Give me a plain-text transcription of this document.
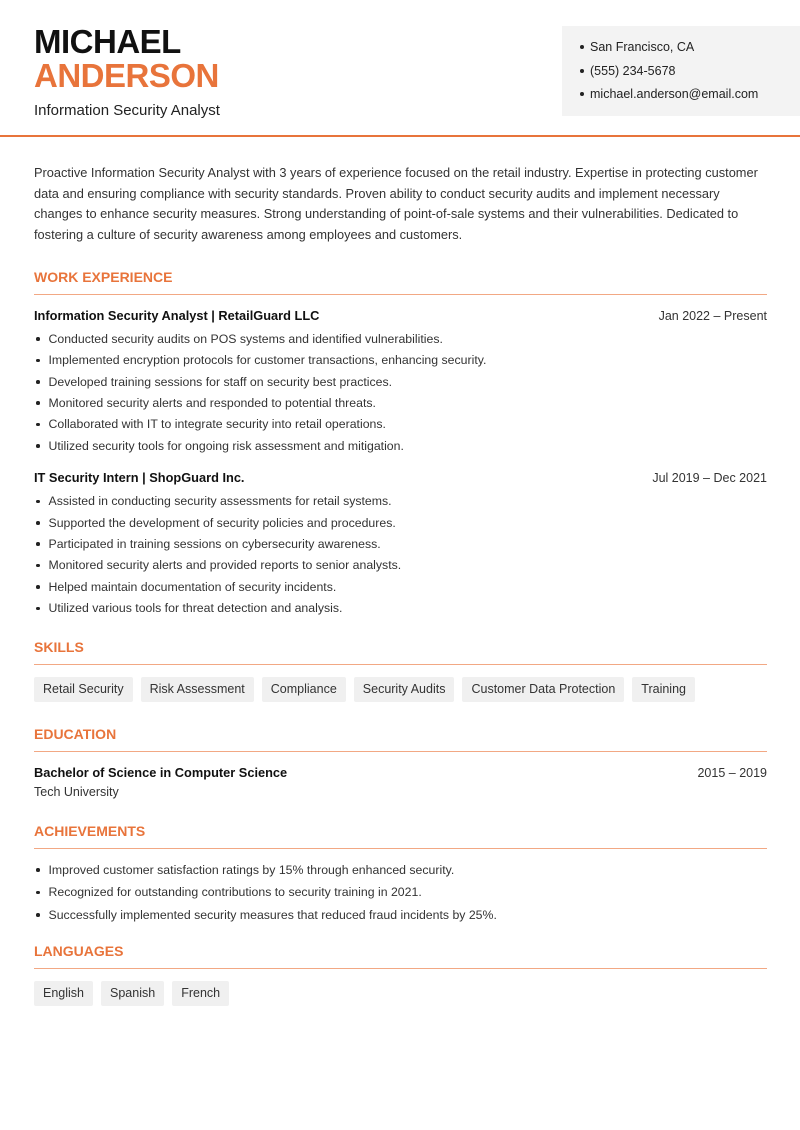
MICHAEL
ANDERSON
Information Security Analyst
San Francisco, CA
(555) 234-5678
michael.anderson@email.com

Proactive Information Security Analyst with 3 years of experience focused on the retail industry. Expertise in protecting customer data and ensuring compliance with security standards. Proven ability to conduct security audits and implement necessary changes to enhance security measures. Strong understanding of point-of-sale systems and their vulnerabilities. Dedicated to fostering a culture of security awareness among employees and customers.

WORK EXPERIENCE
Information Security Analyst | RetailGuard LLC	Jan 2022 – Present
Conducted security audits on POS systems and identified vulnerabilities.
Implemented encryption protocols for customer transactions, enhancing security.
Developed training sessions for staff on security best practices.
Monitored security alerts and responded to potential threats.
Collaborated with IT to integrate security into retail operations.
Utilized security tools for ongoing risk assessment and mitigation.
IT Security Intern | ShopGuard Inc.	Jul 2019 – Dec 2021
Assisted in conducting security assessments for retail systems.
Supported the development of security policies and procedures.
Participated in training sessions on cybersecurity awareness.
Monitored security alerts and provided reports to senior analysts.
Helped maintain documentation of security incidents.
Utilized various tools for threat detection and analysis.
SKILLS
Retail Security	Risk Assessment	Compliance	Security Audits	Customer Data Protection	Training
EDUCATION
Bachelor of Science in Computer Science	2015 – 2019
Tech University
ACHIEVEMENTS
Improved customer satisfaction ratings by 15% through enhanced security.
Recognized for outstanding contributions to security training in 2021.
Successfully implemented security measures that reduced fraud incidents by 25%.
LANGUAGES
English	Spanish	French
